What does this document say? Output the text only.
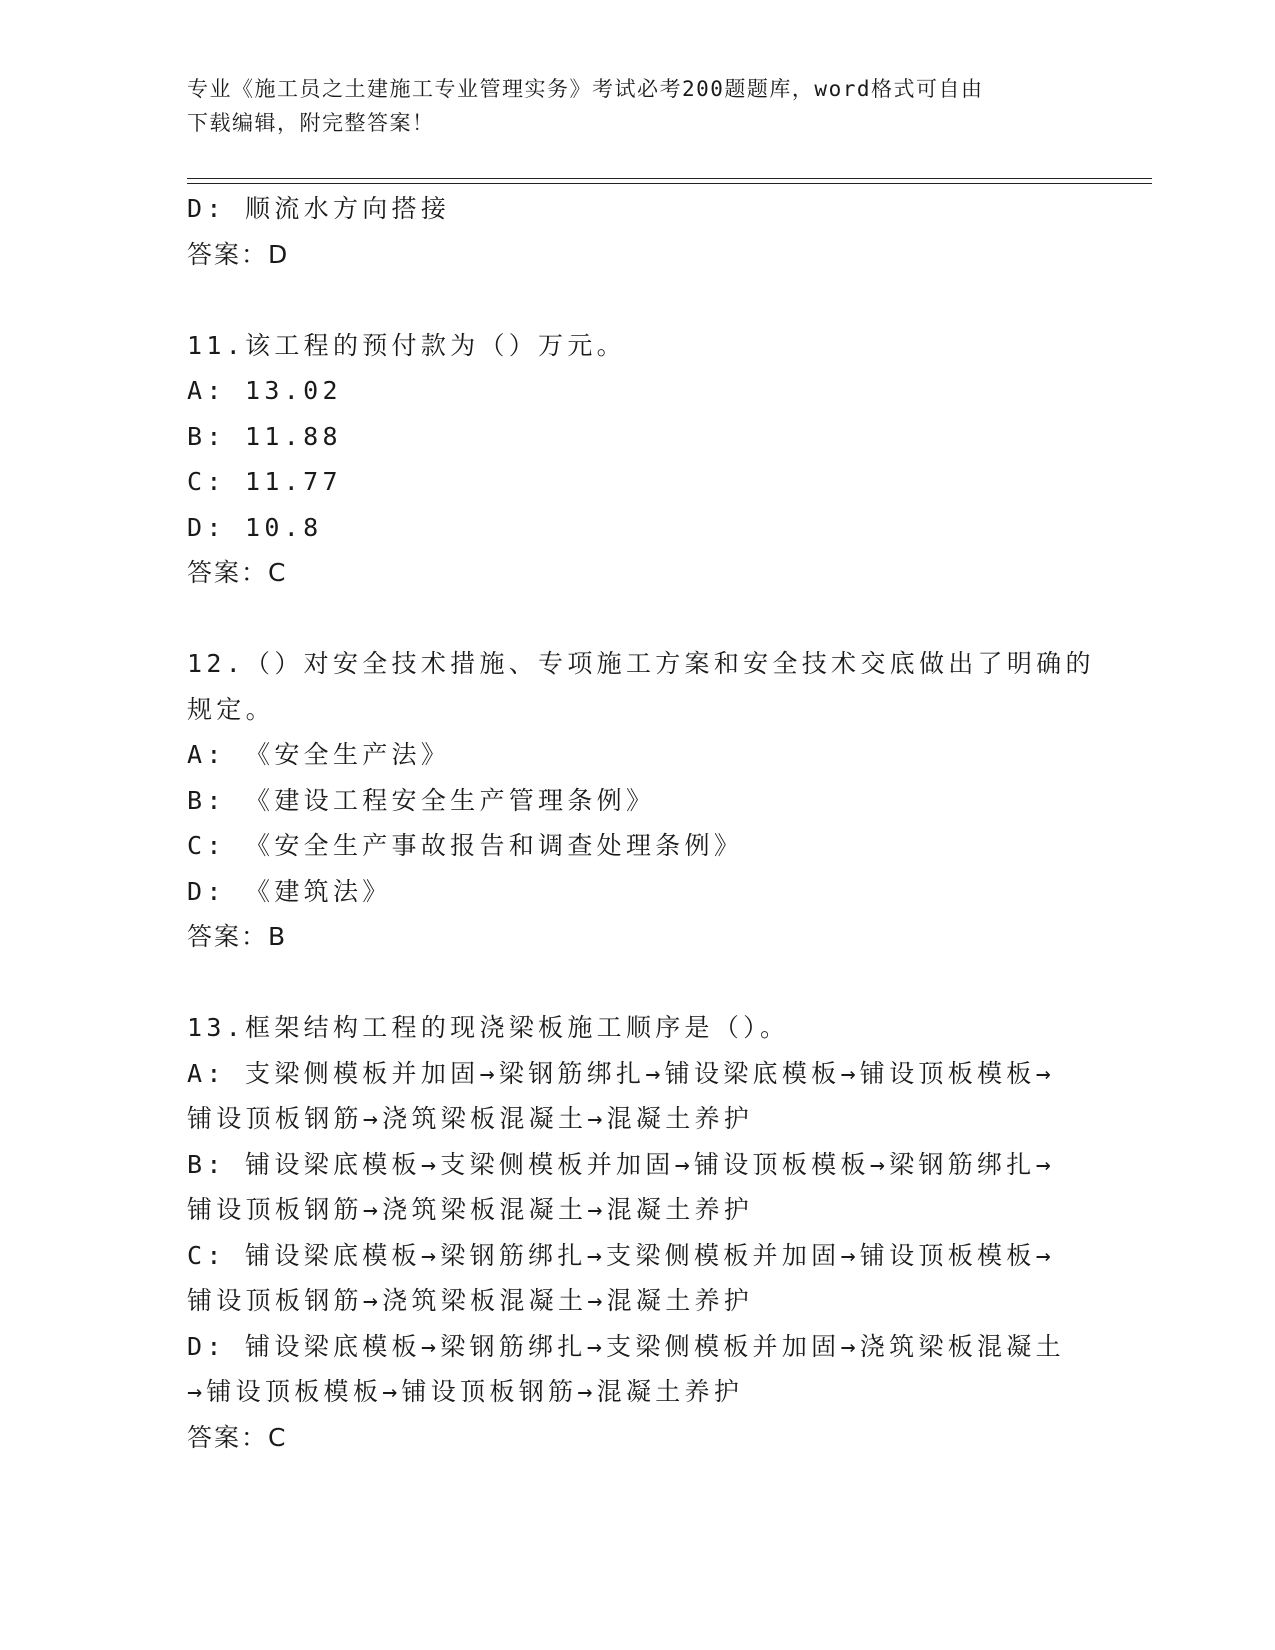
专业《施工员之土建施工专业管理实务》考试必考200题题库，word格式可自由
下载编辑，附完整答案！
D: 顺流水方向搭接
答案：D
11.该工程的预付款为（）万元。
A: 13.02
B: 11.88
C: 11.77
D: 10.8
答案：C
12.（）对安全技术措施、专项施工方案和安全技术交底做出了明确的
规定。
A: 《安全生产法》
B: 《建设工程安全生产管理条例》
C: 《安全生产事故报告和调查处理条例》
D: 《建筑法》
答案：B
13.框架结构工程的现浇梁板施工顺序是（）。
A: 支梁侧模板并加固→梁钢筋绑扎→铺设梁底模板→铺设顶板模板→
铺设顶板钢筋→浇筑梁板混凝土→混凝土养护
B: 铺设梁底模板→支梁侧模板并加固→铺设顶板模板→梁钢筋绑扎→
铺设顶板钢筋→浇筑梁板混凝土→混凝土养护
C: 铺设梁底模板→梁钢筋绑扎→支梁侧模板并加固→铺设顶板模板→
铺设顶板钢筋→浇筑梁板混凝土→混凝土养护
D: 铺设梁底模板→梁钢筋绑扎→支梁侧模板并加固→浇筑梁板混凝土
→铺设顶板模板→铺设顶板钢筋→混凝土养护
答案：C
